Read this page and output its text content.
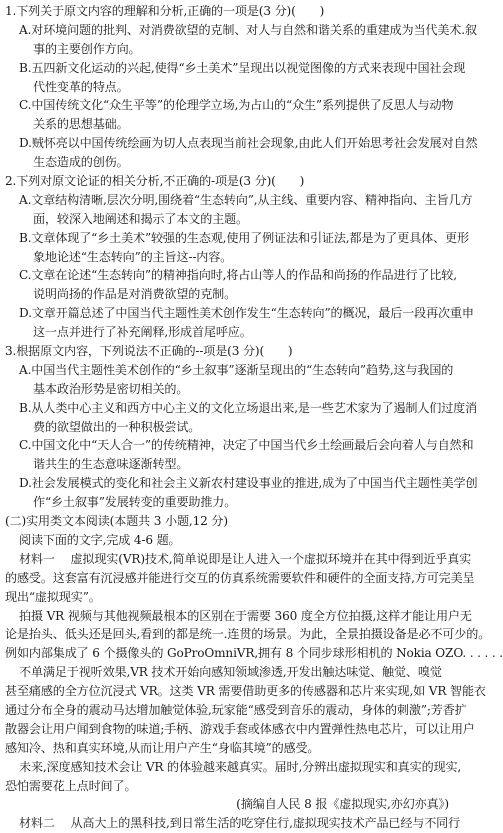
1.下列关于原文内容的理解和分析,正确的一项是(3 分)(　　)
A.对环境问题的批判、对消费欲望的克制、对人与自然和谐关系的重建成为当代美术.叙
事的主要创作方向。
B.五四新文化运动的兴起,使得“乡土美术”呈现出以视觉图像的方式来表现中国社会现
代性变革的特点。
C.中国传统文化“众生平等”的伦理学立场,为占山的“众生”系列提供了反思人与动物
关系的思想基础。
D.贼怀亮以中国传统绘画为切人点表现当前社会现象,由此人们开始思考社会发展对自然
生态造成的创伤。
2.下列对原文论证的相关分析,不正确的-项是(3 分)(　　)
A.文章结构清晰,层次分明,围绕着“生态转向”,从主线、重要内容、精神指向、主旨几方
面，较深入地阐述和揭示了本文的主题。
B.文章体现了“乡土美术”较强的生态观,使用了例证法和引证法,都是为了更具体、更形
象地论述“生态转向”的主旨这--内容。
C.文章在论述“生态转向”的精神指向时,将占山等人的作品和尚扬的作品进行了比较,
说明尚扬的作品是对消费欲望的克制。
D.文章开篇总述了中国当代主题性美术创作发生“生态转向”的概况，最后一段再次重申
这一点并进行了补充阐释,形成首尾呼应。
3.根据原文内容，下列说法不正确的--项是(3 分)(　　)
A.中国当代主题性美术创作的“乡土叙事”逐渐呈现出的“生态转向”趋势,这与我国的
基本政治形势是密切相关的。
B.从人类中心主义和西方中心主义的文化立场退出来,是一些艺术家为了遏制人们过度消
费的欲望做出的一种积极尝试。
C.中国文化中“天人合一”的传统精神，决定了中国当代乡土绘画最后会向着人与自然和
谐共生的生态意味逐渐转型。
D.社会发展模式的变化和社会主义新农村建设事业的推进,成为了中国当代主题性美学创
作“乡土叙事”发展转变的重要助推力。
(二)实用类文本阅读(本题共 3 小题,12 分)
阅读下面的文字,完成 4-6 题。
材料一　 虚拟现实(VR)技术,简单说即是让人进入一个虚拟环境并在其中得到近乎真实
的感受。这套富有沉浸感并能进行交互的仿真系统需要软件和硬件的全面支持,方可完美呈
现出“虚拟现实”。
拍摄 VR 视频与其他视频最根本的区别在于需要 360 度全方位拍摄,这样才能让用户无
论是抬头、低头还是回头,看到的都是统一.连贯的场景。为此，全景拍摄设备是必不可少的。
例如内部集成了 6 个摄像头的 GoProOmniVR,拥有 8 个同步球形相机的 Nokia OZO. . . . . .
不单满足于视听效果,VR 技术开始向感知领域渗透,开发出触达味觉、触觉、嗅觉
甚至痛感的全方位沉浸式 VR。这类 VR 需要借助更多的传感器和芯片来实现,如 VR 智能衣
通过分布全身的震动马达增加触觉体验,玩家能“感受到音乐的震动，身体的刺激”;芳香扩
散器会让用户闻到食物的味道;手柄、游戏手套或体感衣中内置弹性热电芯片，可以让用户
感知冷、热和真实环境,从而让用户产生“身临其境”的感受。
未来,深度感知技术会让 VR 的体验越来越真实。届时,分辨出虚拟现实和真实的现实,
恐怕需要花上点时间了。
(摘编自人民 8 报《虚拟现实,亦幻亦真》)
材料二　 从高大上的黑科技,到日常生活的吃穿住行,虚拟现实技术产品已经与不同行
